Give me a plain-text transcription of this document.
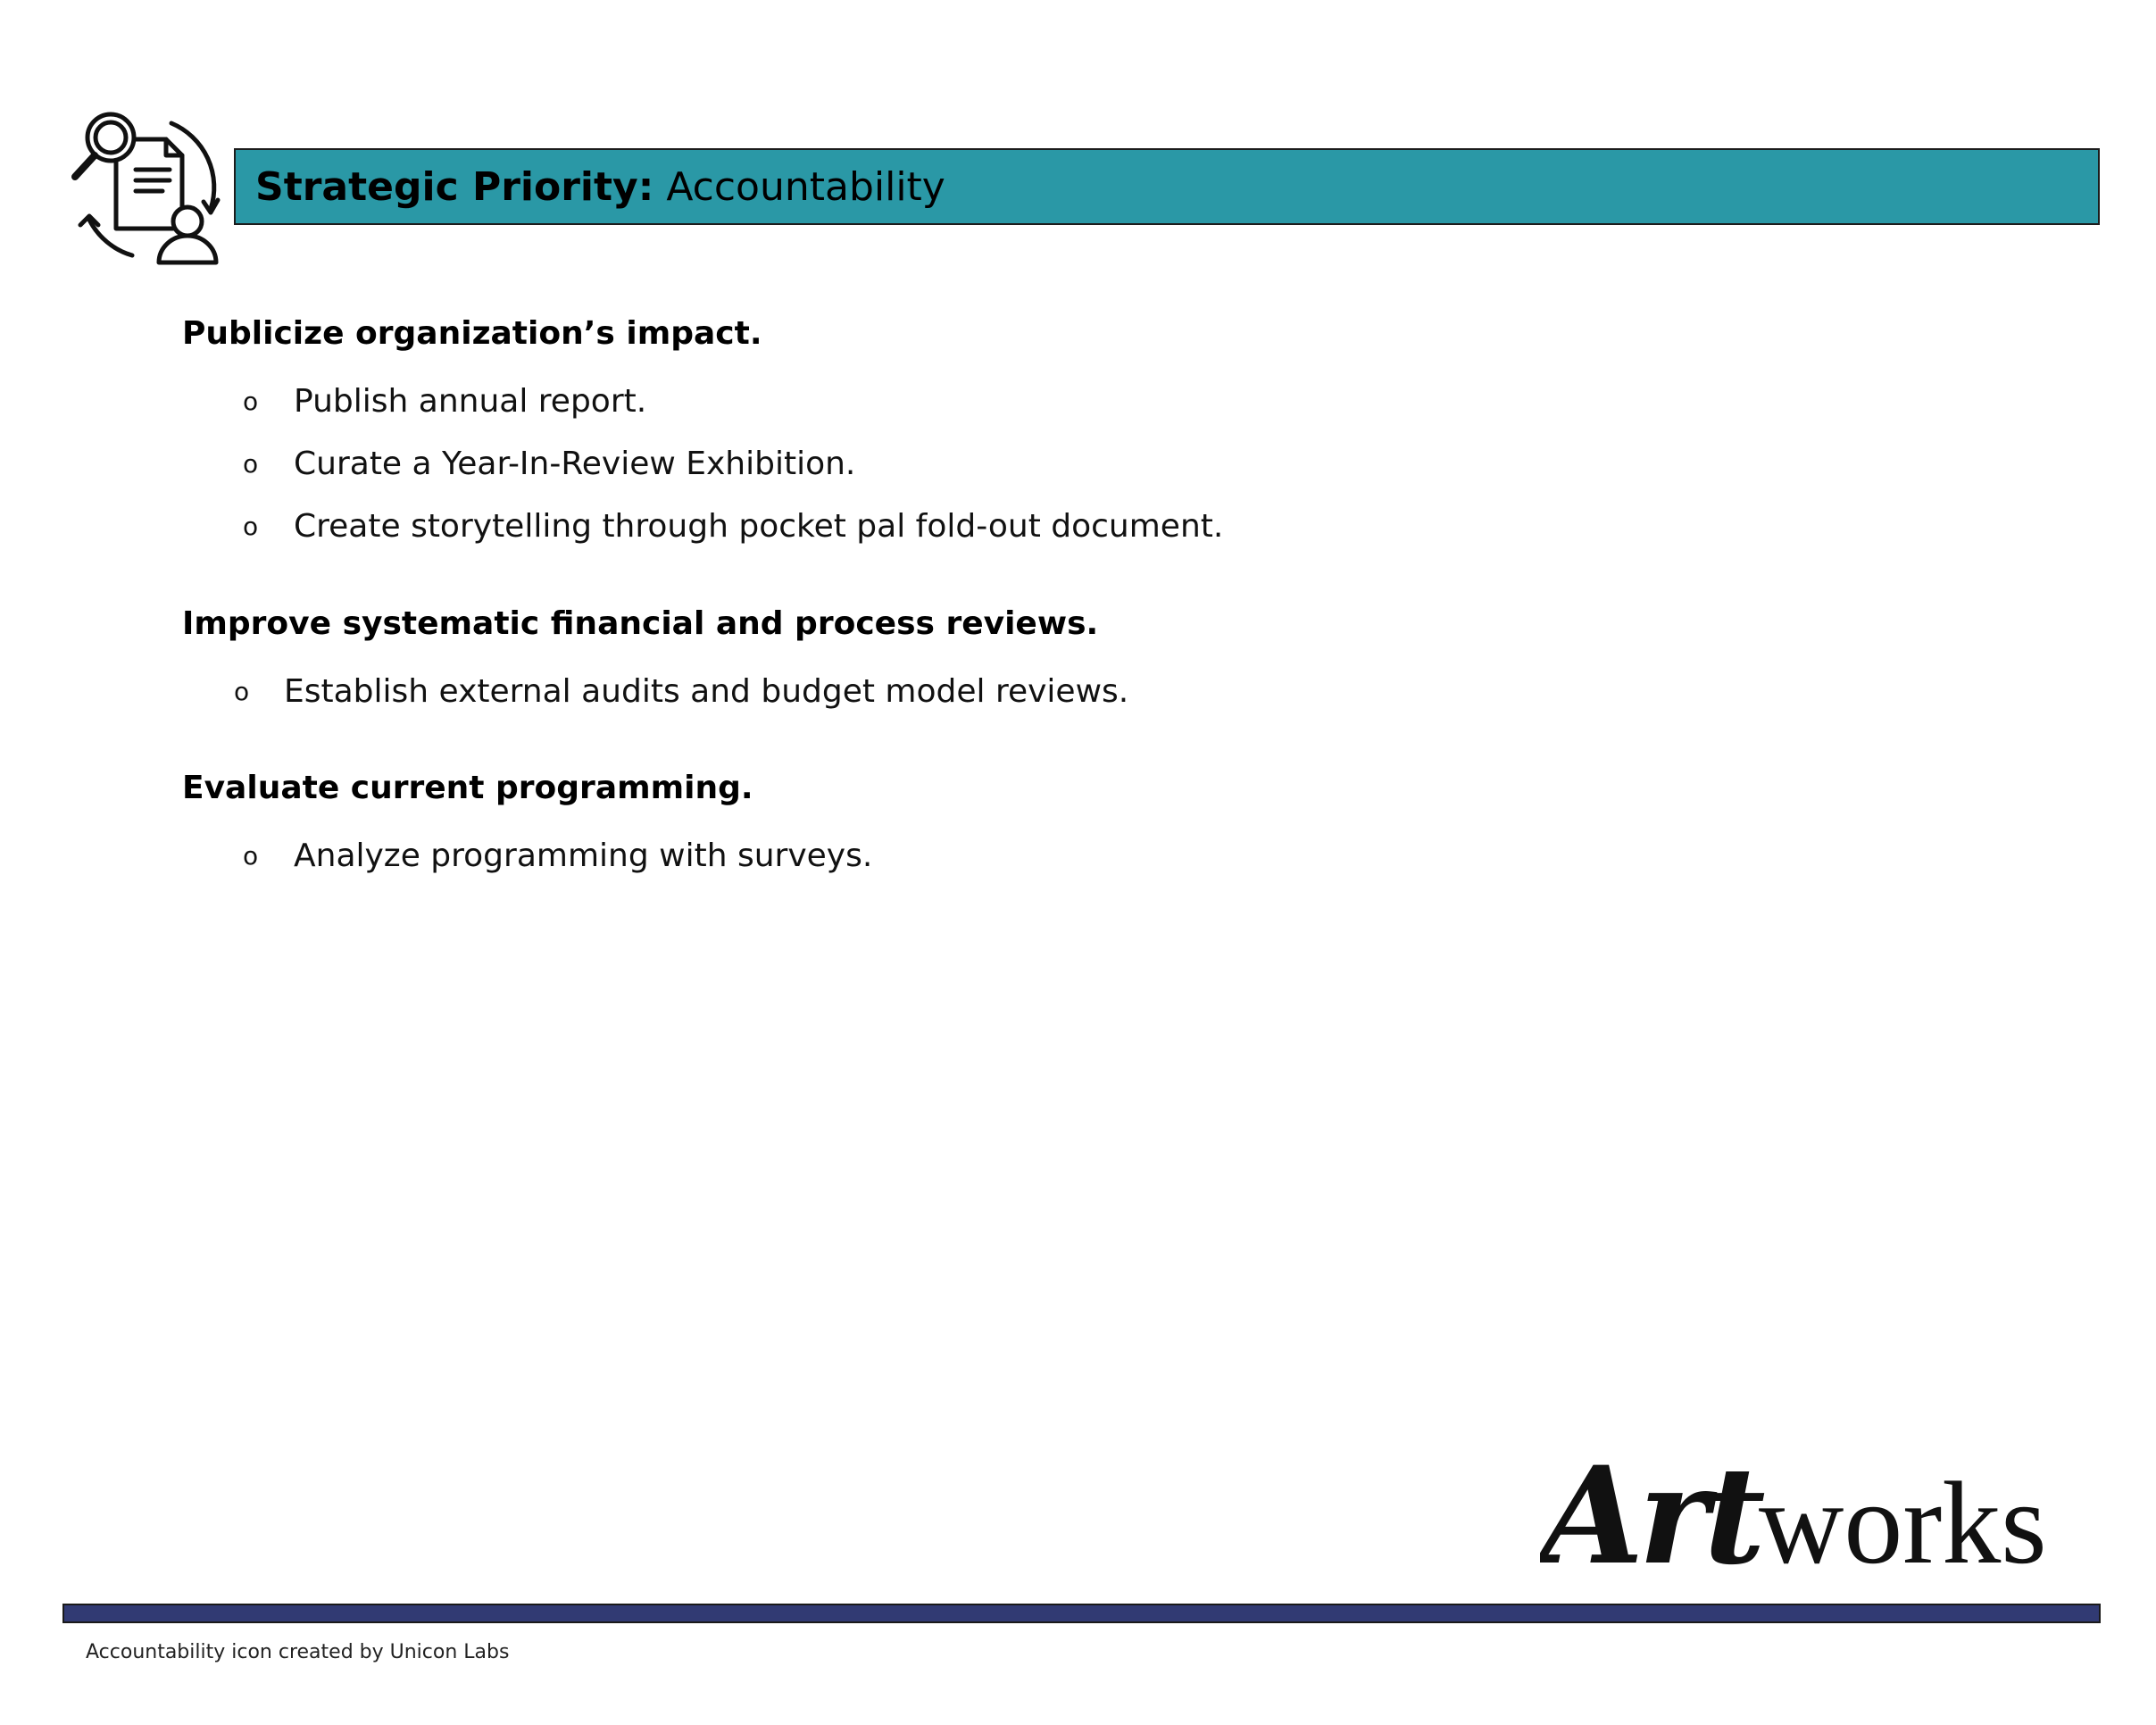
Strategic Priority: Accountability
Publicize organization’s impact.
o Publish annual report.
o Curate a Year-In-Review Exhibition.
o Create storytelling through pocket pal fold-out document.
Improve systematic financial and process reviews.
o Establish external audits and budget model reviews.
Evaluate current programming.
o Analyze programming with surveys.
Art
works
Accountability icon created by Unicon Labs
